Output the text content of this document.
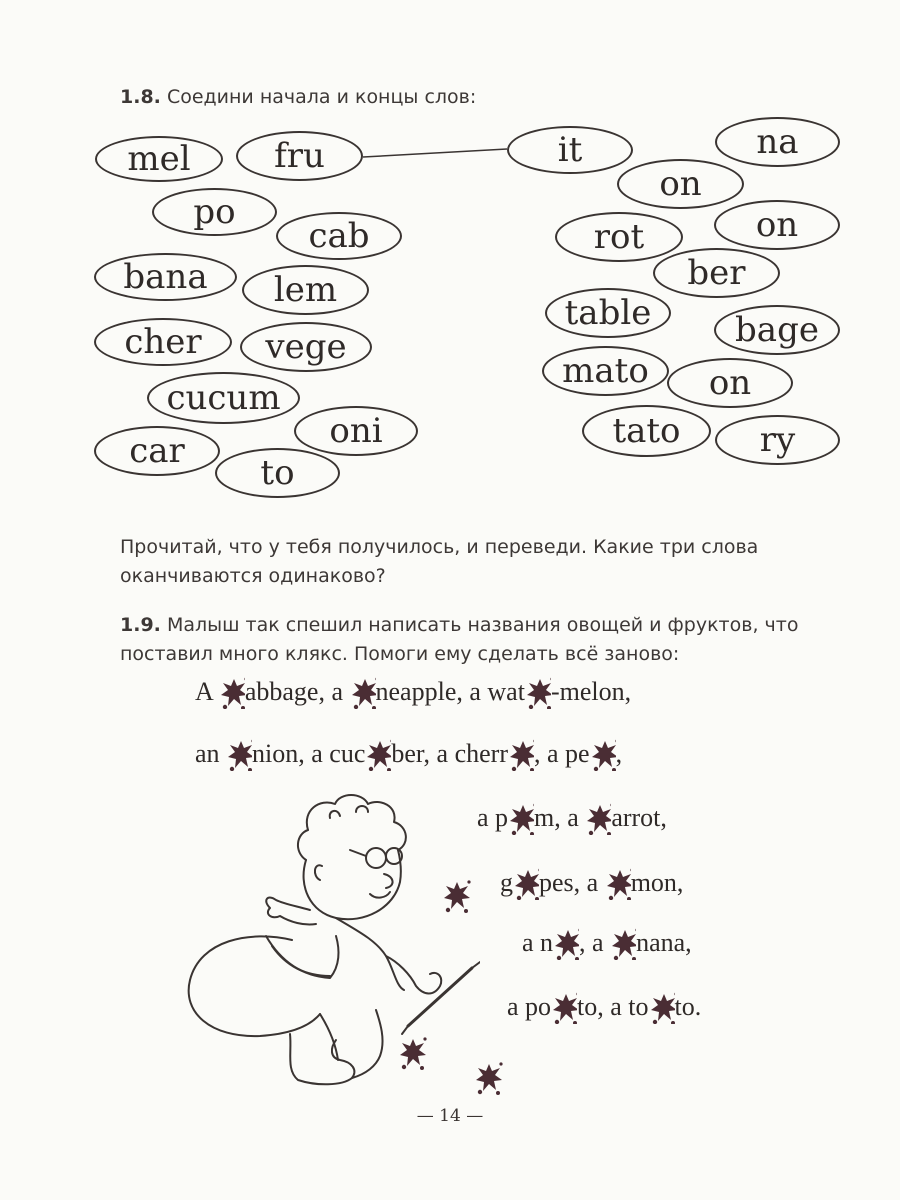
1.8. Соедини начала и концы слов:
mel	fru
po
cab
bana	lem
cher	vege
cucum
car	oni
to
it	na
on
rot	on
ber
table	bage
mato	on
tato	ry
Прочитай, что у тебя получилось, и переведи. Какие три слова оканчиваются одинаково?
1.9. Малыш так спешил написать названия овощей и фруктов, что поставил много клякс. Помоги ему сделать всё заново:
A abbage, a neapple, a wat -melon,
an nion, a cuc ber, a cherr , a pe ,
a p m, a arrot,
g pes, a mon,
a n , a nana,
a po to, a to to.
— 14 —
